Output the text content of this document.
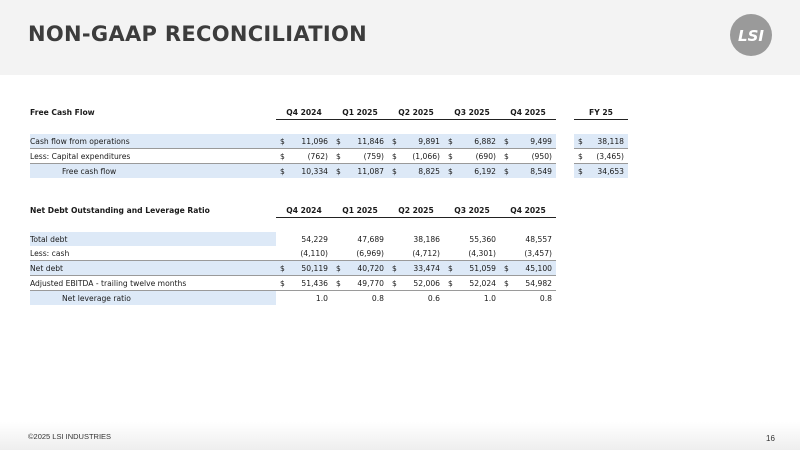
NON-GAAP RECONCILIATION	LSI
Free Cash Flow	Q4 2024		Q1 2025		Q2 2025		Q3 2025		Q4 2025			FY 25	

Cash flow from operations	$	11,096	$	11,846	$	9,891	$	6,882	$	9,499		$	38,118
Less: Capital expenditures	$	(762)	$	(759)	$	(1,066)	$	(690)	$	(950)		$	(3,465)
Free cash flow	$	10,334	$	11,087	$	8,825	$	6,192	$	8,549		$	34,653
Net Debt Outstanding and Leverage Ratio	Q4 2024		Q1 2025		Q2 2025		Q3 2025		Q4 2025	

Total debt	54,229		47,689		38,186		55,360		48,557	
Less: cash	(4,110)		(6,969)		(4,712)		(4,301)		(3,457)	
Net debt	$	50,119	$	40,720	$	33,474	$	51,059	$	45,100
Adjusted EBITDA - trailing twelve months	$	51,436	$	49,770	$	52,006	$	52,024	$	54,982
Net leverage ratio	1.0		0.8		0.6		1.0		0.8	
©2025 LSI INDUSTRIES	16
